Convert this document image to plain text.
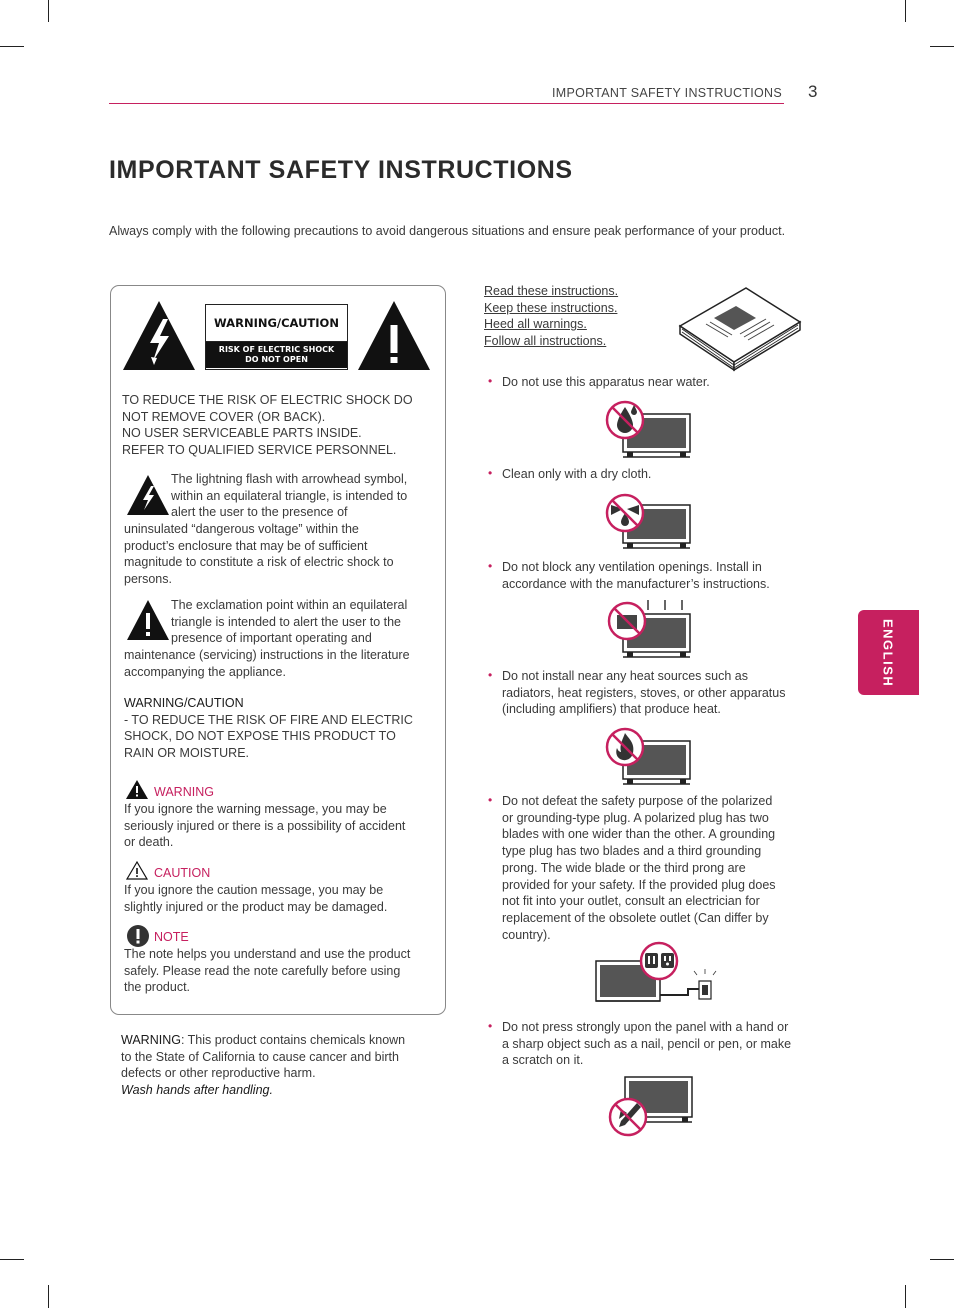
IMPORTANT SAFETY INSTRUCTIONS 3
IMPORTANT SAFETY INSTRUCTIONS
Always comply with the following precautions to avoid dangerous situations and ensure peak performance of your product.
ENGLISH
WARNING/CAUTION
RISK OF ELECTRIC SHOCK
DO NOT OPEN
TO REDUCE THE RISK OF ELECTRIC SHOCK DO
NOT REMOVE COVER (OR BACK).
NO USER SERVICEABLE PARTS INSIDE.
REFER TO QUALIFIED SERVICE PERSONNEL.
The lightning flash with arrowhead symbol,
within an equilateral triangle, is intended to
alert the user to the presence of
uninsulated “dangerous voltage” within the
product’s enclosure that may be of sufficient
magnitude to constitute a risk of electric shock to
persons.
The exclamation point within an equilateral
triangle is intended to alert the user to the
presence of important operating and
maintenance (servicing) instructions in the literature
accompanying the appliance.
WARNING/CAUTION
- TO REDUCE THE RISK OF FIRE AND ELECTRIC
SHOCK, DO NOT EXPOSE THIS PRODUCT TO
RAIN OR MOISTURE.
WARNING
If you ignore the warning message, you may be
seriously injured or there is a possibility of accident
or death.
CAUTION
If you ignore the caution message, you may be
slightly injured or the product may be damaged.
NOTE
The note helps you understand and use the product
safely. Please read the note carefully before using
the product.
WARNING: This product contains chemicals known
to the State of California to cause cancer and birth
defects or other reproductive harm.
Wash hands after handling.
Read these instructions.
Keep these instructions.
Heed all warnings.
Follow all instructions.
• Do not use this apparatus near water.
• Clean only with a dry cloth.
• Do not block any ventilation openings. Install in
accordance with the manufacturer’s instructions.
• Do not install near any heat sources such as
radiators, heat registers, stoves, or other apparatus
(including amplifiers) that produce heat.
• Do not defeat the safety purpose of the polarized
or grounding-type plug. A polarized plug has two
blades with one wider than the other. A grounding
type plug has two blades and a third grounding
prong. The wide blade or the third prong are
provided for your safety. If the provided plug does
not fit into your outlet, consult an electrician for
replacement of the obsolete outlet (Can differ by
country).
• Do not press strongly upon the panel with a hand or
a sharp object such as a nail, pencil or pen, or make
a scratch on it.
